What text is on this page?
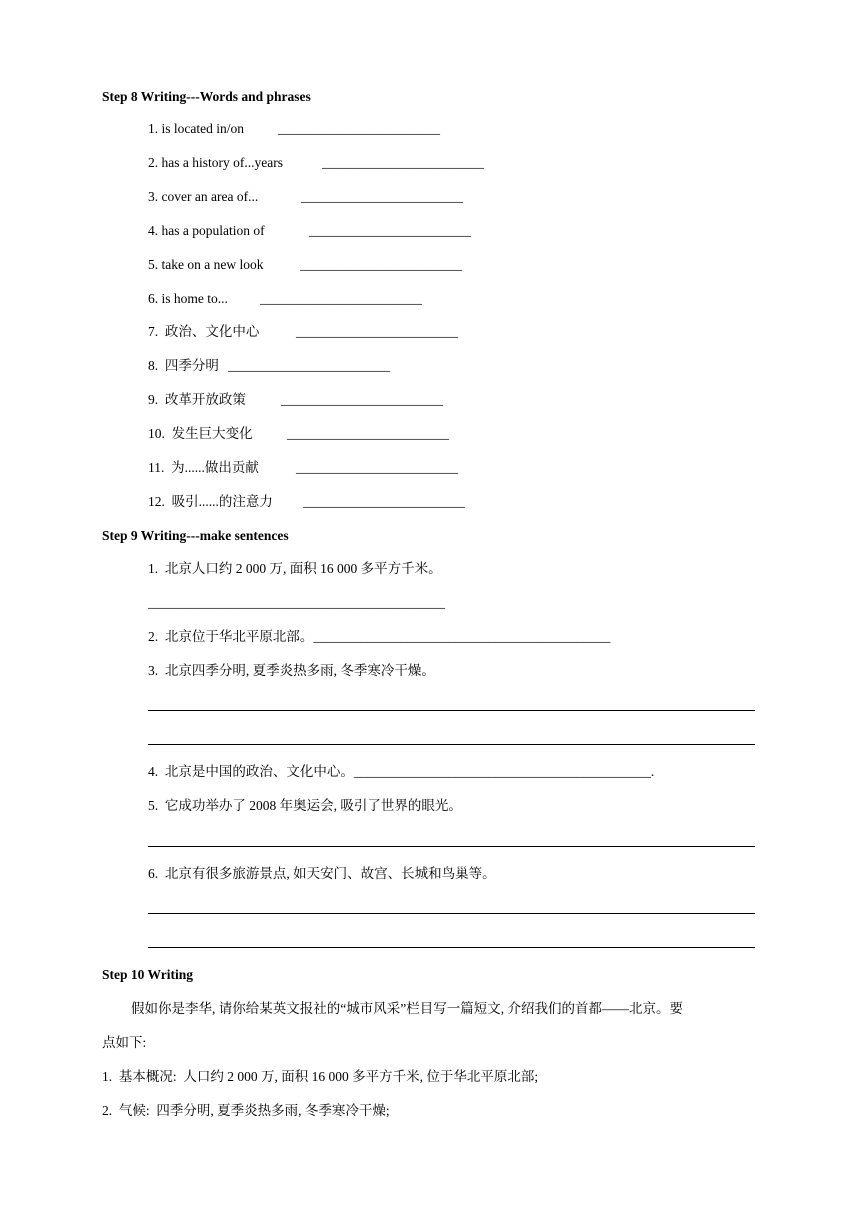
Step 8 Writing---Words and phrases
1. is located in/on	________________________
2. has a history of...years	________________________
3. cover an area of...	________________________
4. has a population of	________________________
5. take on a new look	________________________
6. is home to... ________________________
7.  政治、文化中心	________________________
8.  四季分明 ________________________
9.  改革开放政策	________________________
10.  发生巨大变化	________________________
11.  为......做出贡献	________________________
12.  吸引......的注意力 ________________________
Step 9 Writing---make sentences
1.  北京人口约 2 000 万, 面积 16 000 多平方千米。
____________________________________________
2.  北京位于华北平原北部。____________________________________________
3.  北京四季分明, 夏季炎热多雨, 冬季寒冷干燥。
4.  北京是中国的政治、文化中心。____________________________________________.
5.  它成功举办了 2008 年奥运会, 吸引了世界的眼光。
6.  北京有很多旅游景点, 如天安门、故宫、长城和鸟巢等。
Step 10 Writing
假如你是李华, 请你给某英文报社的“城市风采”栏目写一篇短文, 介绍我们的首都——北京。要
点如下:
1.  基本概况:  人口约 2 000 万, 面积 16 000 多平方千米, 位于华北平原北部;
2.  气候:  四季分明, 夏季炎热多雨, 冬季寒冷干燥;
